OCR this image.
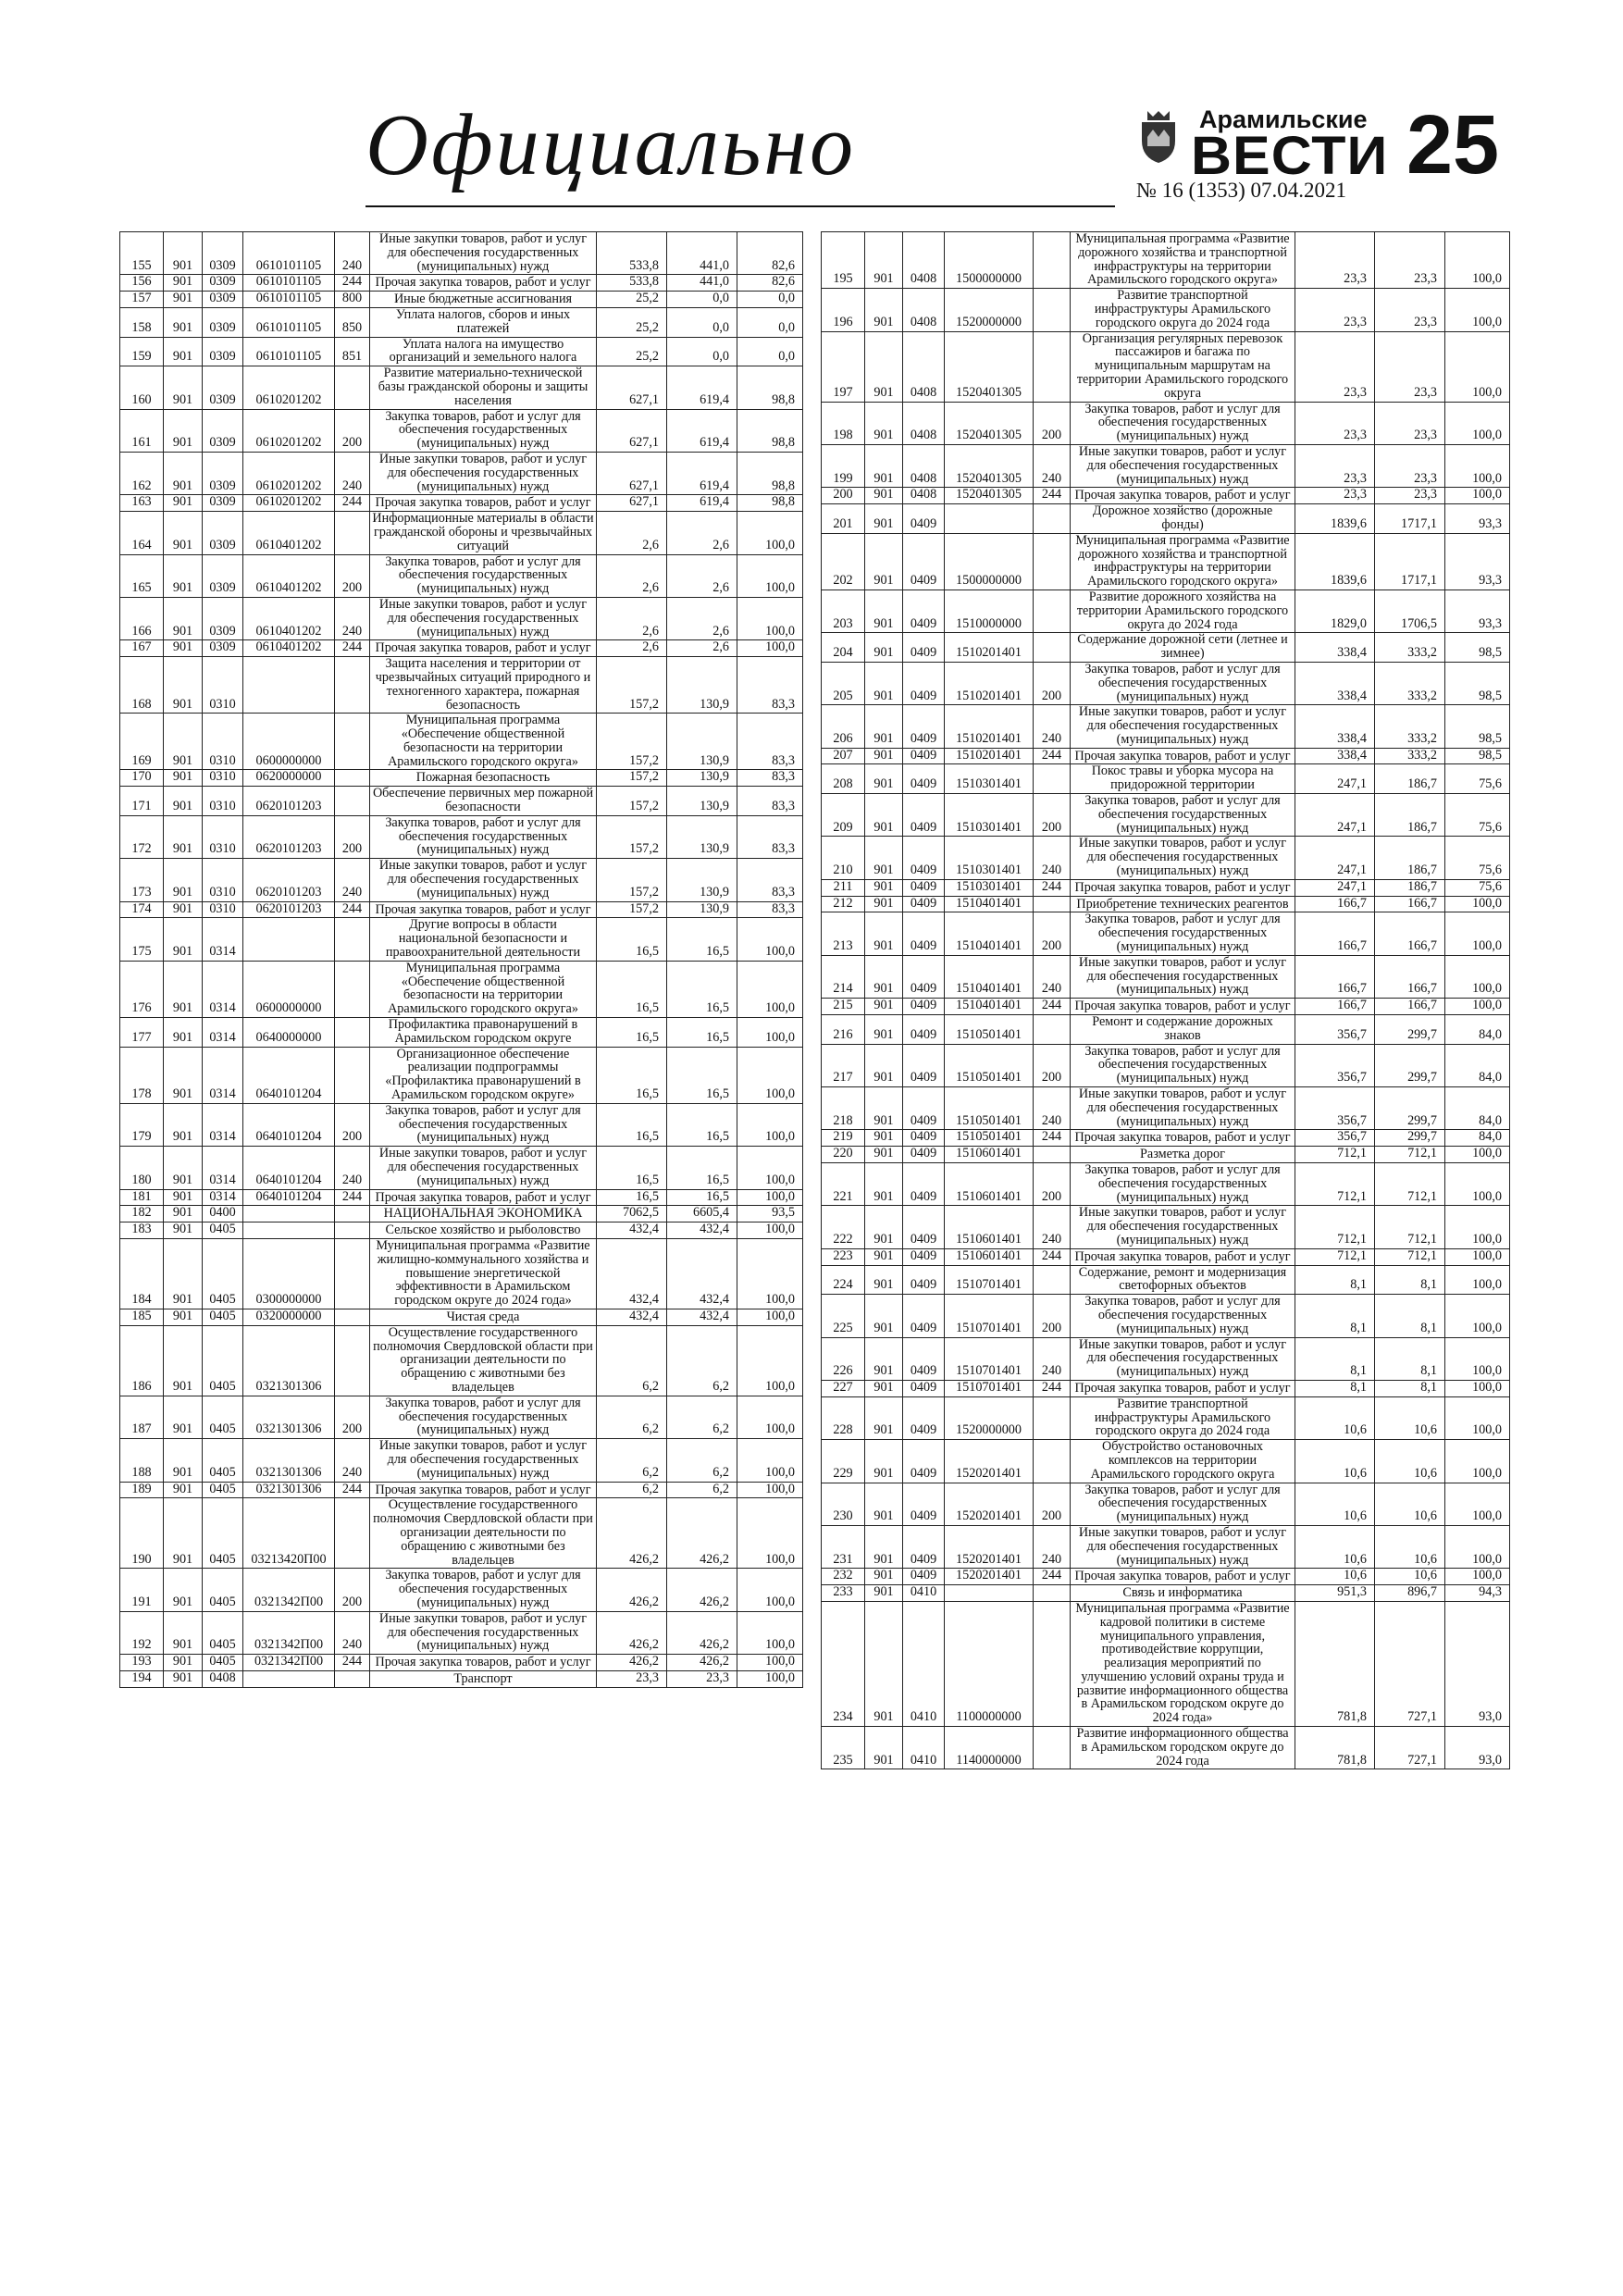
Официально	Арамильские
ВЕСТИ
№ 16 (1353) 07.04.2021 25
155	901	0309	0610101105	240	Иные закупки товаров, работ и услуг для обеспечения государственных (муниципальных) нужд	533,8	441,0	82,6
156	901	0309	0610101105	244	Прочая закупка товаров, работ и услуг	533,8	441,0	82,6
157	901	0309	0610101105	800	Иные бюджетные ассигнования	25,2	0,0	0,0
158	901	0309	0610101105	850	Уплата налогов, сборов и иных платежей	25,2	0,0	0,0
159	901	0309	0610101105	851	Уплата налога на имущество организаций и земельного налога	25,2	0,0	0,0
160	901	0309	0610201202		Развитие материально-технической базы гражданской обороны и защиты населения	627,1	619,4	98,8
161	901	0309	0610201202	200	Закупка товаров, работ и услуг для обеспечения государственных (муниципальных) нужд	627,1	619,4	98,8
162	901	0309	0610201202	240	Иные закупки товаров, работ и услуг для обеспечения государственных (муниципальных) нужд	627,1	619,4	98,8
163	901	0309	0610201202	244	Прочая закупка товаров, работ и услуг	627,1	619,4	98,8
164	901	0309	0610401202		Информационные материалы в области гражданской обороны и чрезвычайных ситуаций	2,6	2,6	100,0
165	901	0309	0610401202	200	Закупка товаров, работ и услуг для обеспечения государственных (муниципальных) нужд	2,6	2,6	100,0
166	901	0309	0610401202	240	Иные закупки товаров, работ и услуг для обеспечения государственных (муниципальных) нужд	2,6	2,6	100,0
167	901	0309	0610401202	244	Прочая закупка товаров, работ и услуг	2,6	2,6	100,0
168	901	0310			Защита населения и территории от чрезвычайных ситуаций природного и техногенного характера, пожарная безопасность	157,2	130,9	83,3
169	901	0310	0600000000		Муниципальная программа «Обеспечение общественной безопасности на территории Арамильского городского округа»	157,2	130,9	83,3
170	901	0310	0620000000		Пожарная безопасность	157,2	130,9	83,3
171	901	0310	0620101203		Обеспечение первичных мер пожарной безопасности	157,2	130,9	83,3
172	901	0310	0620101203	200	Закупка товаров, работ и услуг для обеспечения государственных (муниципальных) нужд	157,2	130,9	83,3
173	901	0310	0620101203	240	Иные закупки товаров, работ и услуг для обеспечения государственных (муниципальных) нужд	157,2	130,9	83,3
174	901	0310	0620101203	244	Прочая закупка товаров, работ и услуг	157,2	130,9	83,3
175	901	0314			Другие вопросы в области национальной безопасности и правоохранительной деятельности	16,5	16,5	100,0
176	901	0314	0600000000		Муниципальная программа «Обеспечение общественной безопасности на территории Арамильского городского округа»	16,5	16,5	100,0
177	901	0314	0640000000		Профилактика правонарушений в Арамильском городском округе	16,5	16,5	100,0
178	901	0314	0640101204		Организационное обеспечение реализации подпрограммы «Профилактика правонарушений в Арамильском городском округе»	16,5	16,5	100,0
179	901	0314	0640101204	200	Закупка товаров, работ и услуг для обеспечения государственных (муниципальных) нужд	16,5	16,5	100,0
180	901	0314	0640101204	240	Иные закупки товаров, работ и услуг для обеспечения государственных (муниципальных) нужд	16,5	16,5	100,0
181	901	0314	0640101204	244	Прочая закупка товаров, работ и услуг	16,5	16,5	100,0
182	901	0400			НАЦИОНАЛЬНАЯ ЭКОНОМИКА	7062,5	6605,4	93,5
183	901	0405			Сельское хозяйство и рыболовство	432,4	432,4	100,0
184	901	0405	0300000000		Муниципальная программа «Развитие жилищно-коммунального хозяйства и повышение энергетической эффективности в Арамильском городском округе до 2024 года»	432,4	432,4	100,0
185	901	0405	0320000000		Чистая среда	432,4	432,4	100,0
186	901	0405	0321301306		Осуществление государственного полномочия Свердловской области при организации деятельности по обращению с животными без владельцев	6,2	6,2	100,0
187	901	0405	0321301306	200	Закупка товаров, работ и услуг для обеспечения государственных (муниципальных) нужд	6,2	6,2	100,0
188	901	0405	0321301306	240	Иные закупки товаров, работ и услуг для обеспечения государственных (муниципальных) нужд	6,2	6,2	100,0
189	901	0405	0321301306	244	Прочая закупка товаров, работ и услуг	6,2	6,2	100,0
190	901	0405	03213420П00		Осуществление государственного полномочия Свердловской области при организации деятельности по обращению с животными без владельцев	426,2	426,2	100,0
191	901	0405	0321342П00	200	Закупка товаров, работ и услуг для обеспечения государственных (муниципальных) нужд	426,2	426,2	100,0
192	901	0405	0321342П00	240	Иные закупки товаров, работ и услуг для обеспечения государственных (муниципальных) нужд	426,2	426,2	100,0
193	901	0405	0321342П00	244	Прочая закупка товаров, работ и услуг	426,2	426,2	100,0
194	901	0408			Транспорт	23,3	23,3	100,0
195	901	0408	1500000000		Муниципальная программа «Развитие дорожного хозяйства и транспортной инфраструктуры на территории Арамильского городского округа»	23,3	23,3	100,0
196	901	0408	1520000000		Развитие транспортной инфраструктуры Арамильского городского округа до 2024 года	23,3	23,3	100,0
197	901	0408	1520401305		Организация регулярных перевозок пассажиров и багажа по муниципальным маршрутам на территории Арамильского городского округа	23,3	23,3	100,0
198	901	0408	1520401305	200	Закупка товаров, работ и услуг для обеспечения государственных (муниципальных) нужд	23,3	23,3	100,0
199	901	0408	1520401305	240	Иные закупки товаров, работ и услуг для обеспечения государственных (муниципальных) нужд	23,3	23,3	100,0
200	901	0408	1520401305	244	Прочая закупка товаров, работ и услуг	23,3	23,3	100,0
201	901	0409			Дорожное хозяйство (дорожные фонды)	1839,6	1717,1	93,3
202	901	0409	1500000000		Муниципальная программа «Развитие дорожного хозяйства и транспортной инфраструктуры на территории Арамильского городского округа»	1839,6	1717,1	93,3
203	901	0409	1510000000		Развитие дорожного хозяйства на территории Арамильского городского округа до 2024 года	1829,0	1706,5	93,3
204	901	0409	1510201401		Содержание дорожной сети (летнее и зимнее)	338,4	333,2	98,5
205	901	0409	1510201401	200	Закупка товаров, работ и услуг для обеспечения государственных (муниципальных) нужд	338,4	333,2	98,5
206	901	0409	1510201401	240	Иные закупки товаров, работ и услуг для обеспечения государственных (муниципальных) нужд	338,4	333,2	98,5
207	901	0409	1510201401	244	Прочая закупка товаров, работ и услуг	338,4	333,2	98,5
208	901	0409	1510301401		Покос травы и уборка мусора на придорожной территории	247,1	186,7	75,6
209	901	0409	1510301401	200	Закупка товаров, работ и услуг для обеспечения государственных (муниципальных) нужд	247,1	186,7	75,6
210	901	0409	1510301401	240	Иные закупки товаров, работ и услуг для обеспечения государственных (муниципальных) нужд	247,1	186,7	75,6
211	901	0409	1510301401	244	Прочая закупка товаров, работ и услуг	247,1	186,7	75,6
212	901	0409	1510401401		Приобретение технических реагентов	166,7	166,7	100,0
213	901	0409	1510401401	200	Закупка товаров, работ и услуг для обеспечения государственных (муниципальных) нужд	166,7	166,7	100,0
214	901	0409	1510401401	240	Иные закупки товаров, работ и услуг для обеспечения государственных (муниципальных) нужд	166,7	166,7	100,0
215	901	0409	1510401401	244	Прочая закупка товаров, работ и услуг	166,7	166,7	100,0
216	901	0409	1510501401		Ремонт и содержание дорожных знаков	356,7	299,7	84,0
217	901	0409	1510501401	200	Закупка товаров, работ и услуг для обеспечения государственных (муниципальных) нужд	356,7	299,7	84,0
218	901	0409	1510501401	240	Иные закупки товаров, работ и услуг для обеспечения государственных (муниципальных) нужд	356,7	299,7	84,0
219	901	0409	1510501401	244	Прочая закупка товаров, работ и услуг	356,7	299,7	84,0
220	901	0409	1510601401		Разметка дорог	712,1	712,1	100,0
221	901	0409	1510601401	200	Закупка товаров, работ и услуг для обеспечения государственных (муниципальных) нужд	712,1	712,1	100,0
222	901	0409	1510601401	240	Иные закупки товаров, работ и услуг для обеспечения государственных (муниципальных) нужд	712,1	712,1	100,0
223	901	0409	1510601401	244	Прочая закупка товаров, работ и услуг	712,1	712,1	100,0
224	901	0409	1510701401		Содержание, ремонт и модернизация светофорных объектов	8,1	8,1	100,0
225	901	0409	1510701401	200	Закупка товаров, работ и услуг для обеспечения государственных (муниципальных) нужд	8,1	8,1	100,0
226	901	0409	1510701401	240	Иные закупки товаров, работ и услуг для обеспечения государственных (муниципальных) нужд	8,1	8,1	100,0
227	901	0409	1510701401	244	Прочая закупка товаров, работ и услуг	8,1	8,1	100,0
228	901	0409	1520000000		Развитие транспортной инфраструктуры Арамильского городского округа до 2024 года	10,6	10,6	100,0
229	901	0409	1520201401		Обустройство остановочных комплексов на территории Арамильского городского округа	10,6	10,6	100,0
230	901	0409	1520201401	200	Закупка товаров, работ и услуг для обеспечения государственных (муниципальных) нужд	10,6	10,6	100,0
231	901	0409	1520201401	240	Иные закупки товаров, работ и услуг для обеспечения государственных (муниципальных) нужд	10,6	10,6	100,0
232	901	0409	1520201401	244	Прочая закупка товаров, работ и услуг	10,6	10,6	100,0
233	901	0410			Связь и информатика	951,3	896,7	94,3
234	901	0410	1100000000		Муниципальная программа «Развитие кадровой политики в системе муниципального управления, противодействие коррупции, реализация мероприятий по улучшению условий охраны труда и развитие информационного общества в Арамильском городском округе до 2024 года»	781,8	727,1	93,0
235	901	0410	1140000000		Развитие информационного общества в Арамильском городском округе до 2024 года	781,8	727,1	93,0
